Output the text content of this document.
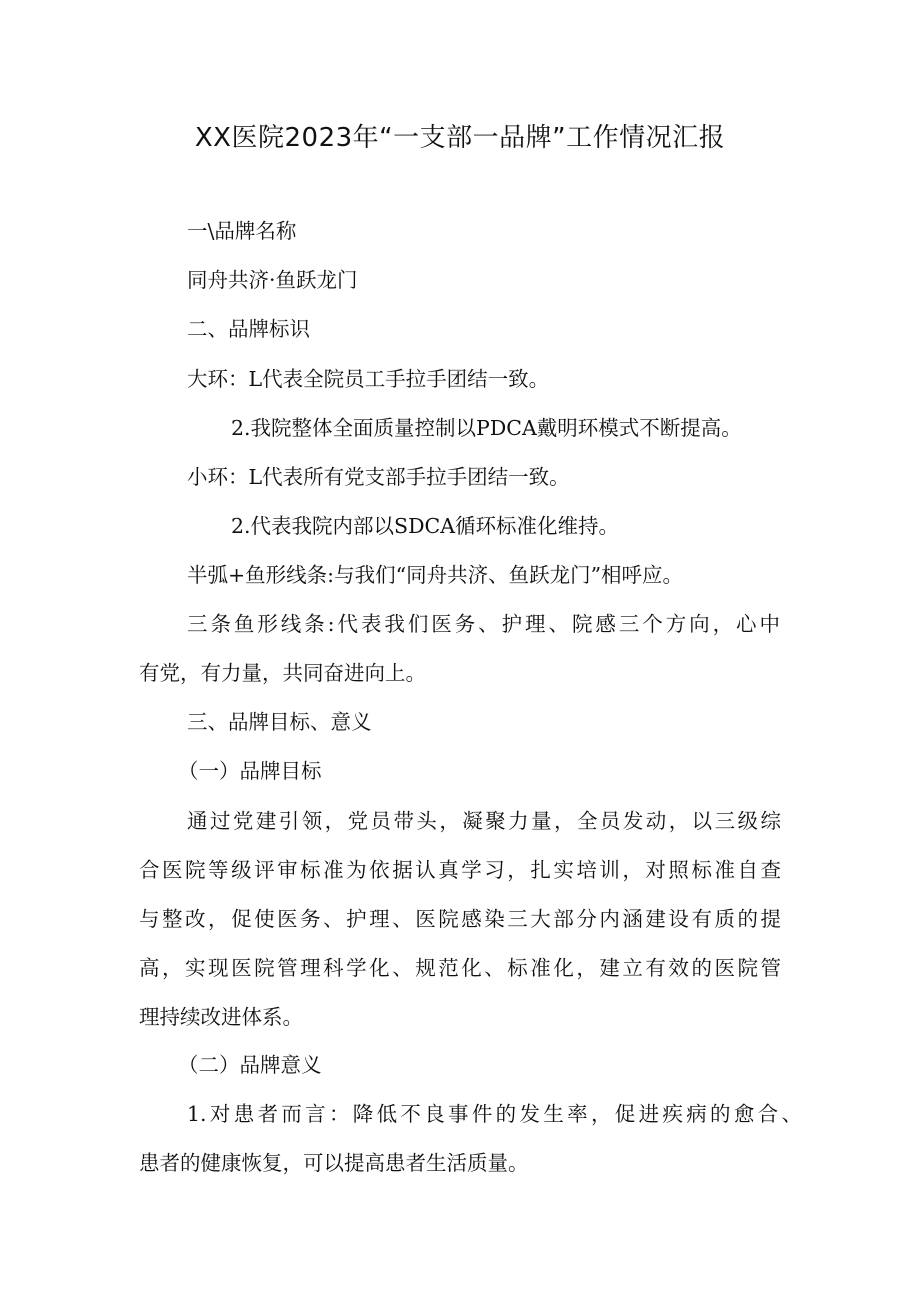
XX医院2023年“一支部一品牌”工作情况汇报
一\品牌名称
同舟共济·鱼跃龙门
二、品牌标识
大环：L代表全院员工手拉手团结一致。
2.我院整体全面质量控制以PDCA戴明环模式不断提高。
小环：L代表所有党支部手拉手团结一致。
2.代表我院内部以SDCA循环标准化维持。
半弧+鱼形线条:与我们“同舟共济、鱼跃龙门”相呼应。
三条鱼形线条:代表我们医务、护理、院感三个方向，心中
有党，有力量，共同奋进向上。
三、品牌目标、意义
（一）品牌目标
通过党建引领，党员带头，凝聚力量，全员发动，以三级综
合医院等级评审标准为依据认真学习，扎实培训，对照标准自查
与整改，促使医务、护理、医院感染三大部分内涵建设有质的提
高，实现医院管理科学化、规范化、标准化，建立有效的医院管
理持续改进体系。
（二）品牌意义
1.对患者而言：降低不良事件的发生率，促进疾病的愈合、
患者的健康恢复，可以提高患者生活质量。
